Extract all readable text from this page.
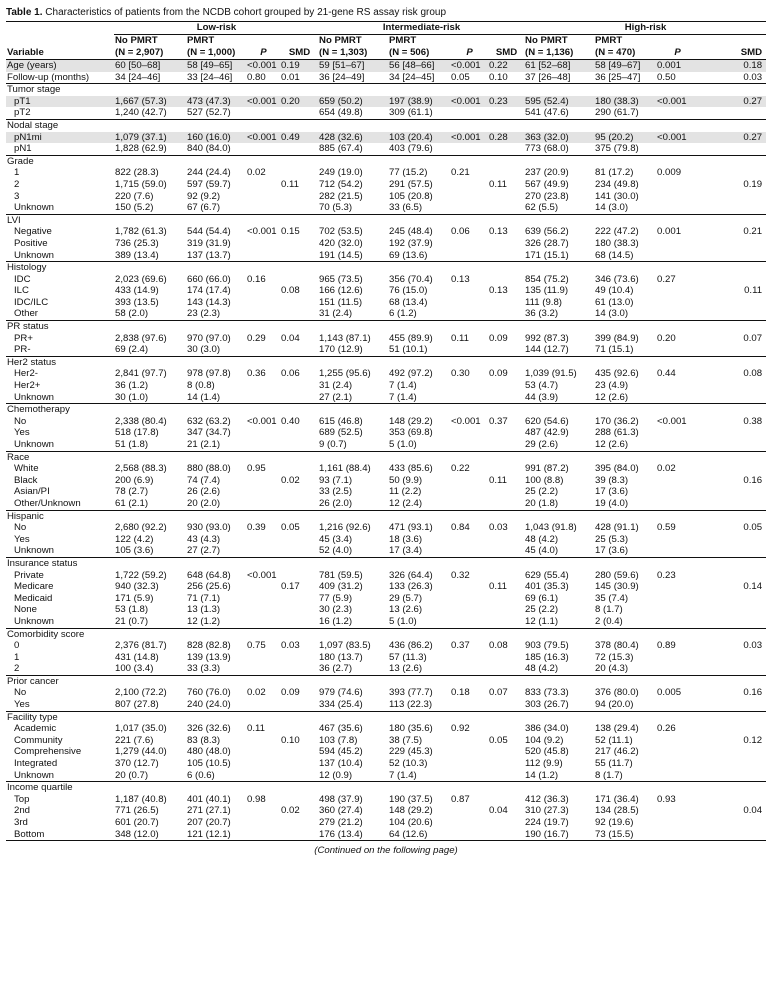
Table 1. Characteristics of patients from the NCDB cohort grouped by 21-gene RS assay risk group
	Low-risk				Intermediate-risk				High-risk			
	No PMRT	PMRT			No PMRT	PMRT			No PMRT	PMRT		
Variable	(N = 2,907)	(N = 1,000)	P	SMD	(N = 1,303)	(N = 506)	P	SMD	(N = 1,136)	(N = 470)	P	SMD
Age (years)	60 [50–68]	58 [49–65]	<0.001	0.19	59 [51–67]	56 [48–66]	<0.001	0.22	61 [52–68]	58 [49–67]	0.001	0.18
Follow-up (months)	34 [24–46]	33 [24–46]	0.80	0.01	36 [24–49]	34 [24–45]	0.05	0.10	37 [26–48]	36 [25–47]	0.50	0.03
Tumor stage												
pT1	1,667 (57.3)	473 (47.3)	<0.001	0.20	659 (50.2)	197 (38.9)	<0.001	0.23	595 (52.4)	180 (38.3)	<0.001	0.27
pT2	1,240 (42.7)	527 (52.7)			654 (49.8)	309 (61.1)			541 (47.6)	290 (61.7)		
Nodal stage												
pN1mi	1,079 (37.1)	160 (16.0)	<0.001	0.49	428 (32.6)	103 (20.4)	<0.001	0.28	363 (32.0)	95 (20.2)	<0.001	0.27
pN1	1,828 (62.9)	840 (84.0)			885 (67.4)	403 (79.6)			773 (68.0)	375 (79.8)		
Grade												
1	822 (28.3)	244 (24.4)	0.02		249 (19.0)	77 (15.2)	0.21		237 (20.9)	81 (17.2)	0.009	
2	1,715 (59.0)	597 (59.7)		0.11	712 (54.2)	291 (57.5)		0.11	567 (49.9)	234 (49.8)		0.19
3	220 (7.6)	92 (9.2)			282 (21.5)	105 (20.8)			270 (23.8)	141 (30.0)		
Unknown	150 (5.2)	67 (6.7)			70 (5.3)	33 (6.5)			62 (5.5)	14 (3.0)		
LVI												
Negative	1,782 (61.3)	544 (54.4)	<0.001	0.15	702 (53.5)	245 (48.4)	0.06	0.13	639 (56.2)	222 (47.2)	0.001	0.21
Positive	736 (25.3)	319 (31.9)			420 (32.0)	192 (37.9)			326 (28.7)	180 (38.3)		
Unknown	389 (13.4)	137 (13.7)			191 (14.5)	69 (13.6)			171 (15.1)	68 (14.5)		
Histology												
IDC	2,023 (69.6)	660 (66.0)	0.16		965 (73.5)	356 (70.4)	0.13		854 (75.2)	346 (73.6)	0.27	
ILC	433 (14.9)	174 (17.4)		0.08	166 (12.6)	76 (15.0)		0.13	135 (11.9)	49 (10.4)		0.11
IDC/ILC	393 (13.5)	143 (14.3)			151 (11.5)	68 (13.4)			111 (9.8)	61 (13.0)		
Other	58 (2.0)	23 (2.3)			31 (2.4)	6 (1.2)			36 (3.2)	14 (3.0)		
PR status												
PR+	2,838 (97.6)	970 (97.0)	0.29	0.04	1,143 (87.1)	455 (89.9)	0.11	0.09	992 (87.3)	399 (84.9)	0.20	0.07
PR-	69 (2.4)	30 (3.0)			170 (12.9)	51 (10.1)			144 (12.7)	71 (15.1)		
Her2 status												
Her2-	2,841 (97.7)	978 (97.8)	0.36	0.06	1,255 (95.6)	492 (97.2)	0.30	0.09	1,039 (91.5)	435 (92.6)	0.44	0.08
Her2+	36 (1.2)	8 (0.8)			31 (2.4)	7 (1.4)			53 (4.7)	23 (4.9)		
Unknown	30 (1.0)	14 (1.4)			27 (2.1)	7 (1.4)			44 (3.9)	12 (2.6)		
Chemotherapy												
No	2,338 (80.4)	632 (63.2)	<0.001	0.40	615 (46.8)	148 (29.2)	<0.001	0.37	620 (54.6)	170 (36.2)	<0.001	0.38
Yes	518 (17.8)	347 (34.7)			689 (52.5)	353 (69.8)			487 (42.9)	288 (61.3)		
Unknown	51 (1.8)	21 (2.1)			9 (0.7)	5 (1.0)			29 (2.6)	12 (2.6)		
Race												
White	2,568 (88.3)	880 (88.0)	0.95		1,161 (88.4)	433 (85.6)	0.22		991 (87.2)	395 (84.0)	0.02	
Black	200 (6.9)	74 (7.4)		0.02	93 (7.1)	50 (9.9)		0.11	100 (8.8)	39 (8.3)		0.16
Asian/PI	78 (2.7)	26 (2.6)			33 (2.5)	11 (2.2)			25 (2.2)	17 (3.6)		
Other/Unknown	61 (2.1)	20 (2.0)			26 (2.0)	12 (2.4)			20 (1.8)	19 (4.0)		
Hispanic												
No	2,680 (92.2)	930 (93.0)	0.39	0.05	1,216 (92.6)	471 (93.1)	0.84	0.03	1,043 (91.8)	428 (91.1)	0.59	0.05
Yes	122 (4.2)	43 (4.3)			45 (3.4)	18 (3.6)			48 (4.2)	25 (5.3)		
Unknown	105 (3.6)	27 (2.7)			52 (4.0)	17 (3.4)			45 (4.0)	17 (3.6)		
Insurance status												
Private	1,722 (59.2)	648 (64.8)	<0.001		781 (59.5)	326 (64.4)	0.32		629 (55.4)	280 (59.6)	0.23	
Medicare	940 (32.3)	256 (25.6)		0.17	409 (31.2)	133 (26.3)		0.11	401 (35.3)	145 (30.9)		0.14
Medicaid	171 (5.9)	71 (7.1)			77 (5.9)	29 (5.7)			69 (6.1)	35 (7.4)		
None	53 (1.8)	13 (1.3)			30 (2.3)	13 (2.6)			25 (2.2)	8 (1.7)		
Unknown	21 (0.7)	12 (1.2)			16 (1.2)	5 (1.0)			12 (1.1)	2 (0.4)		
Comorbidity score												
0	2,376 (81.7)	828 (82.8)	0.75	0.03	1,097 (83.5)	436 (86.2)	0.37	0.08	903 (79.5)	378 (80.4)	0.89	0.03
1	431 (14.8)	139 (13.9)			180 (13.7)	57 (11.3)			185 (16.3)	72 (15.3)		
2	100 (3.4)	33 (3.3)			36 (2.7)	13 (2.6)			48 (4.2)	20 (4.3)		
Prior cancer												
No	2,100 (72.2)	760 (76.0)	0.02	0.09	979 (74.6)	393 (77.7)	0.18	0.07	833 (73.3)	376 (80.0)	0.005	0.16
Yes	807 (27.8)	240 (24.0)			334 (25.4)	113 (22.3)			303 (26.7)	94 (20.0)		
Facility type												
Academic	1,017 (35.0)	326 (32.6)	0.11		467 (35.6)	180 (35.6)	0.92		386 (34.0)	138 (29.4)	0.26	
Community	221 (7.6)	83 (8.3)		0.10	103 (7.8)	38 (7.5)		0.05	104 (9.2)	52 (11.1)		0.12
Comprehensive	1,279 (44.0)	480 (48.0)			594 (45.2)	229 (45.3)			520 (45.8)	217 (46.2)		
Integrated	370 (12.7)	105 (10.5)			137 (10.4)	52 (10.3)			112 (9.9)	55 (11.7)		
Unknown	20 (0.7)	6 (0.6)			12 (0.9)	7 (1.4)			14 (1.2)	8 (1.7)		
Income quartile												
Top	1,187 (40.8)	401 (40.1)	0.98		498 (37.9)	190 (37.5)	0.87		412 (36.3)	171 (36.4)	0.93	
2nd	771 (26.5)	271 (27.1)		0.02	360 (27.4)	148 (29.2)		0.04	310 (27.3)	134 (28.5)		0.04
3rd	601 (20.7)	207 (20.7)			279 (21.2)	104 (20.6)			224 (19.7)	92 (19.6)		
Bottom	348 (12.0)	121 (12.1)			176 (13.4)	64 (12.6)			190 (16.7)	73 (15.5)		
(Continued on the following page)
